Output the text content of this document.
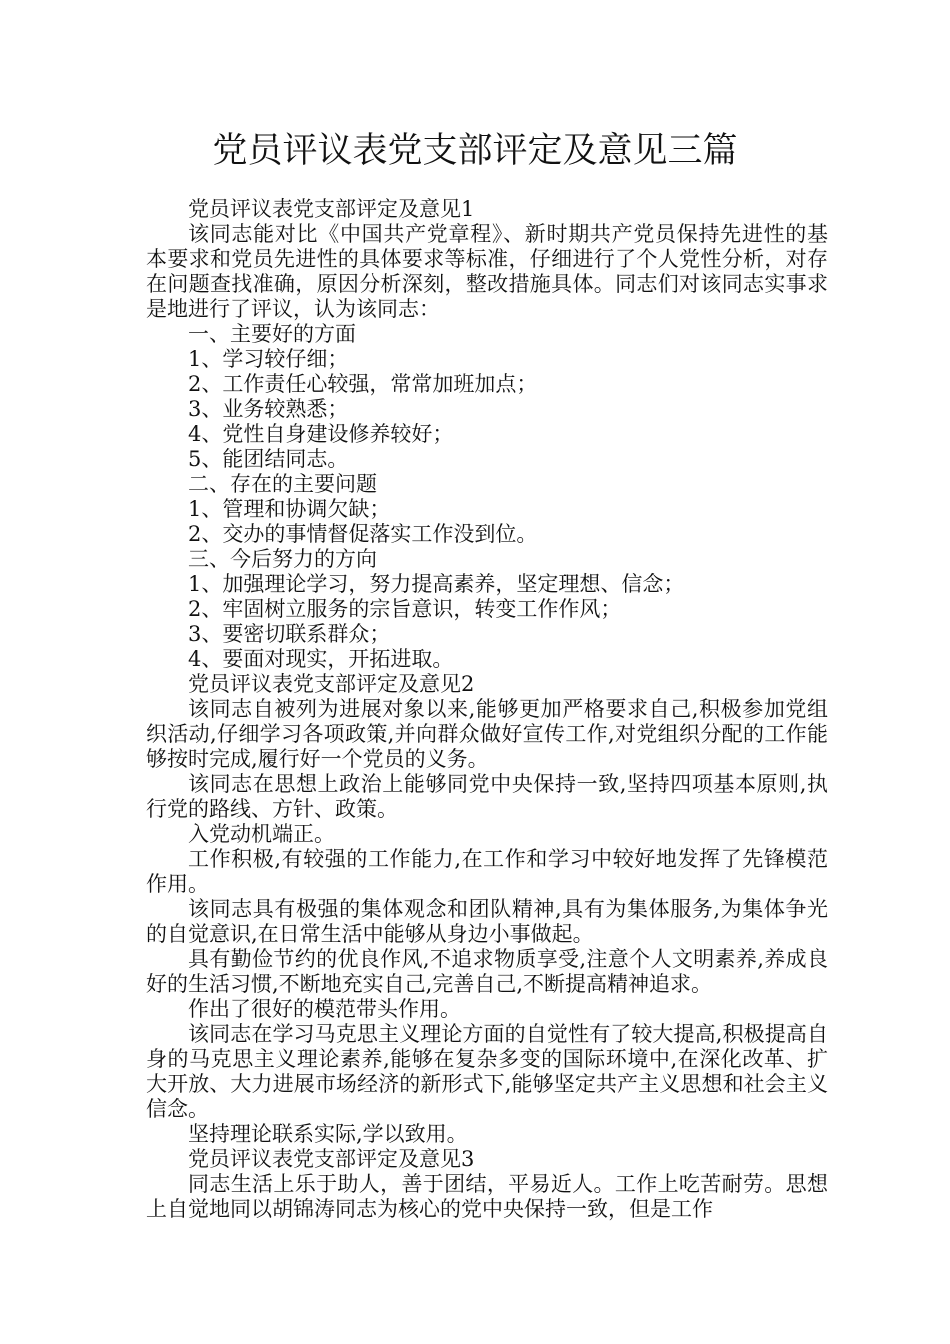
党员评议表党支部评定及意见三篇

党员评议表党支部评定及意见1

该同志能对比《中国共产党章程》、新时期共产党员保持先进性的基本要求和党员先进性的具体要求等标准，仔细进行了个人党性分析，对存在问题查找准确，原因分析深刻，整改措施具体。同志们对该同志实事求是地进行了评议，认为该同志：

一、主要好的方面

1、学习较仔细；

2、工作责任心较强，常常加班加点；

3、业务较熟悉；

4、党性自身建设修养较好；

5、能团结同志。

二、存在的主要问题

1、管理和协调欠缺；

2、交办的事情督促落实工作没到位。

三、今后努力的方向

1、加强理论学习，努力提高素养，坚定理想、信念；

2、牢固树立服务的宗旨意识，转变工作作风；

3、要密切联系群众；

4、要面对现实，开拓进取。

党员评议表党支部评定及意见2

该同志自被列为进展对象以来,能够更加严格要求自己,积极参加党组织活动,仔细学习各项政策,并向群众做好宣传工作,对党组织分配的工作能够按时完成,履行好一个党员的义务。

该同志在思想上政治上能够同党中央保持一致,坚持四项基本原则,执行党的路线、方针、政策。

入党动机端正。

工作积极,有较强的工作能力,在工作和学习中较好地发挥了先锋模范作用。

该同志具有极强的集体观念和团队精神,具有为集体服务,为集体争光的自觉意识,在日常生活中能够从身边小事做起。

具有勤俭节约的优良作风,不追求物质享受,注意个人文明素养,养成良好的生活习惯,不断地充实自己,完善自己,不断提高精神追求。

作出了很好的模范带头作用。

该同志在学习马克思主义理论方面的自觉性有了较大提高,积极提高自身的马克思主义理论素养,能够在复杂多变的国际环境中,在深化改革、扩大开放、大力进展市场经济的新形式下,能够坚定共产主义思想和社会主义信念。

坚持理论联系实际,学以致用。

党员评议表党支部评定及意见3

同志生活上乐于助人，善于团结，平易近人。工作上吃苦耐劳。思想上自觉地同以胡锦涛同志为核心的党中央保持一致，但是工作
